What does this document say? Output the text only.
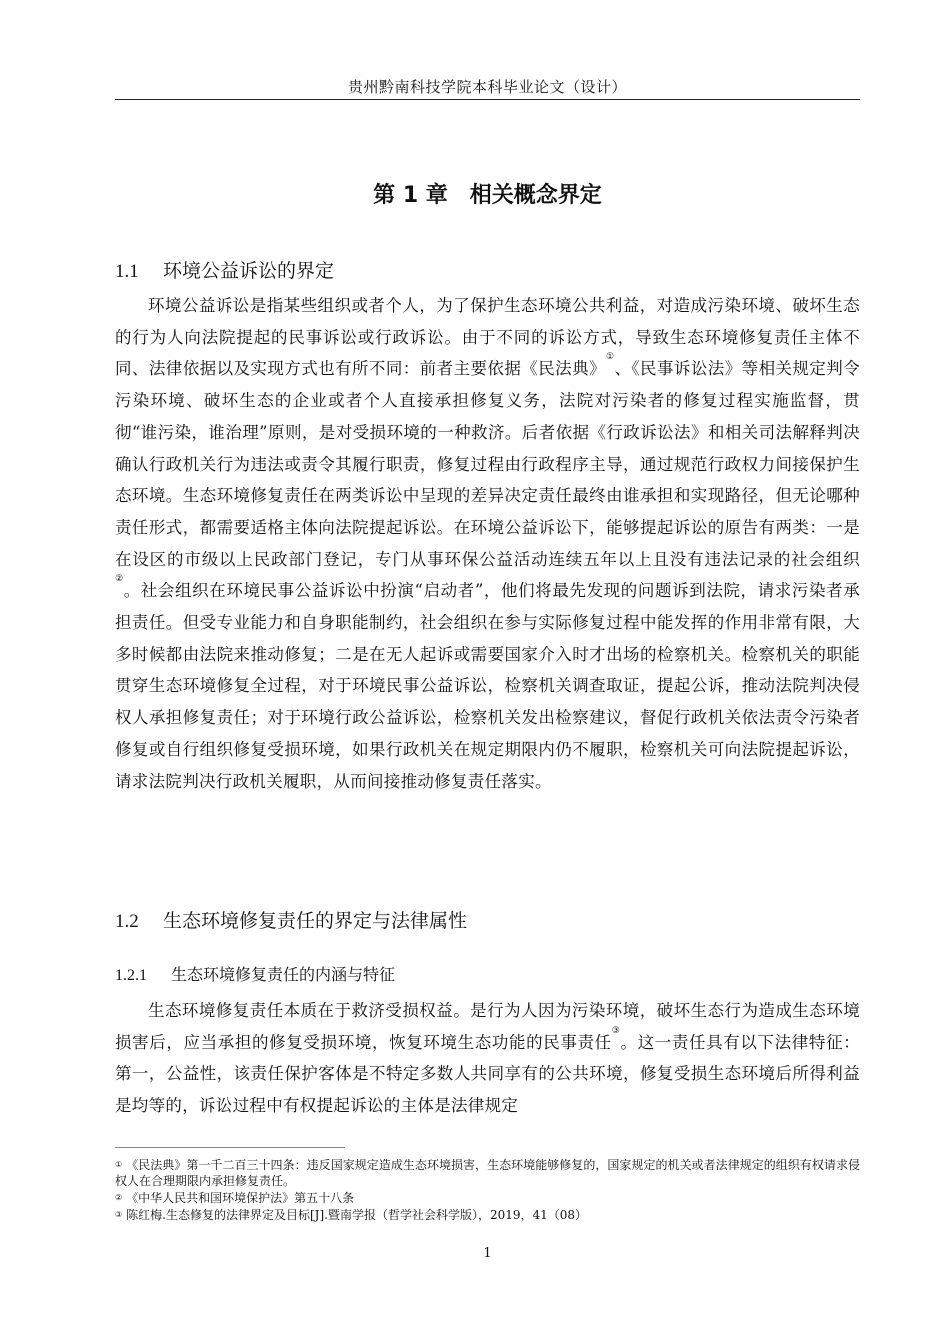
贵州黔南科技学院本科毕业论文（设计）
第 1 章　相关概念界定
1.1 环境公益诉讼的界定

环境公益诉讼是指某些组织或者个人，为了保护生态环境公共利益，对造成污染环境、破坏生态的行为人向法院提起的民事诉讼或行政诉讼。由于不同的诉讼方式，导致生态环境修复责任主体不同、法律依据以及实现方式也有所不同：前者主要依据《民法典》①、《民事诉讼法》等相关规定判令污染环境、破坏生态的企业或者个人直接承担修复义务，法院对污染者的修复过程实施监督，贯彻“谁污染，谁治理”原则，是对受损环境的一种救济。后者依据《行政诉讼法》和相关司法解释判决确认行政机关行为违法或责令其履行职责，修复过程由行政程序主导，通过规范行政权力间接保护生态环境。生态环境修复责任在两类诉讼中呈现的差异决定责任最终由谁承担和实现路径，但无论哪种责任形式，都需要适格主体向法院提起诉讼。在环境公益诉讼下，能够提起诉讼的原告有两类：一是在设区的市级以上民政部门登记，专门从事环保公益活动连续五年以上且没有违法记录的社会组织②。社会组织在环境民事公益诉讼中扮演“启动者”，他们将最先发现的问题诉到法院，请求污染者承担责任。但受专业能力和自身职能制约，社会组织在参与实际修复过程中能发挥的作用非常有限，大多时候都由法院来推动修复；二是在无人起诉或需要国家介入时才出场的检察机关。检察机关的职能贯穿生态环境修复全过程，对于环境民事公益诉讼，检察机关调查取证，提起公诉，推动法院判决侵权人承担修复责任；对于环境行政公益诉讼，检察机关发出检察建议，督促行政机关依法责令污染者修复或自行组织修复受损环境，如果行政机关在规定期限内仍不履职，检察机关可向法院提起诉讼，请求法院判决行政机关履职，从而间接推动修复责任落实。

1.2 生态环境修复责任的界定与法律属性
1.2.1 生态环境修复责任的内涵与特征

生态环境修复责任本质在于救济受损权益。是行为人因为污染环境，破坏生态行为造成生态环境损害后，应当承担的修复受损环境，恢复环境生态功能的民事责任③。这一责任具有以下法律特征：第一，公益性，该责任保护客体是不特定多数人共同享有的公共环境，修复受损生态环境后所得利益是均等的，诉讼过程中有权提起诉讼的主体是法律规定

① 《民法典》第一千二百三十四条：违反国家规定造成生态环境损害，生态环境能够修复的，国家规定的机关或者法律规定的组织有权请求侵权人在合理期限内承担修复责任。

② 《中华人民共和国环境保护法》第五十八条

③ 陈红梅.生态修复的法律界定及目标[J].暨南学报（哲学社会科学版），2019，41（08）

1
